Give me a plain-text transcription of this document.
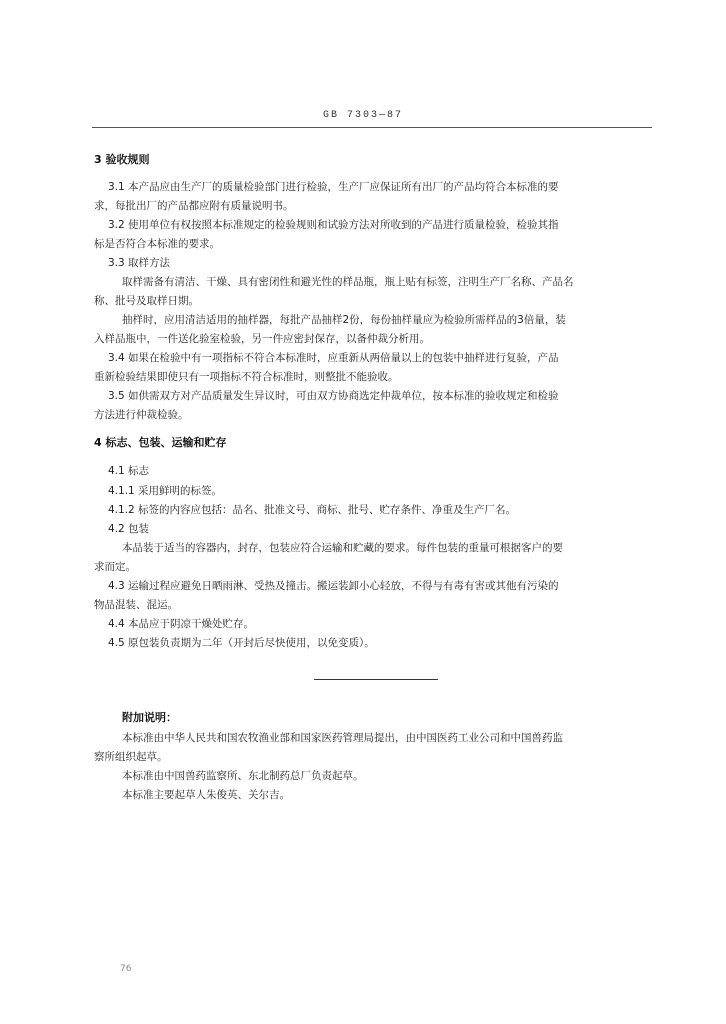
GB 7303—87
3 验收规则
3.1 本产品应由生产厂的质量检验部门进行检验，生产厂应保证所有出厂的产品均符合本标准的要
求，每批出厂的产品都应附有质量说明书。
3.2 使用单位有权按照本标准规定的检验规则和试验方法对所收到的产品进行质量检验，检验其指
标是否符合本标准的要求。
3.3 取样方法
取样需备有清洁、干燥、具有密闭性和避光性的样品瓶，瓶上贴有标签，注明生产厂名称、产品名
称、批号及取样日期。
抽样时，应用清洁适用的抽样器，每批产品抽样2份，每份抽样量应为检验所需样品的3倍量，装
入样品瓶中，一件送化验室检验，另一件应密封保存，以备仲裁分析用。
3.4 如果在检验中有一项指标不符合本标准时，应重新从两倍量以上的包装中抽样进行复验，产品
重新检验结果即使只有一项指标不符合标准时，则整批不能验收。
3.5 如供需双方对产品质量发生异议时，可由双方协商选定仲裁单位，按本标准的验收规定和检验
方法进行仲裁检验。
4 标志、包装、运输和贮存
4.1 标志
4.1.1 采用鲜明的标签。
4.1.2 标签的内容应包括：品名、批准文号、商标、批号、贮存条件、净重及生产厂名。
4.2 包装
本品装于适当的容器内，封存，包装应符合运输和贮藏的要求。每件包装的重量可根据客户的要
求而定。
4.3 运输过程应避免日晒雨淋、受热及撞击。搬运装卸小心轻放，不得与有毒有害或其他有污染的
物品混装、混运。
4.4 本品应于阴凉干燥处贮存。
4.5 原包装负责期为二年（开封后尽快使用，以免变质）。
附加说明：
本标准由中华人民共和国农牧渔业部和国家医药管理局提出，由中国医药工业公司和中国兽药监
察所组织起草。
本标准由中国兽药监察所、东北制药总厂负责起草。
本标准主要起草人朱俊英、关尔吉。
76
